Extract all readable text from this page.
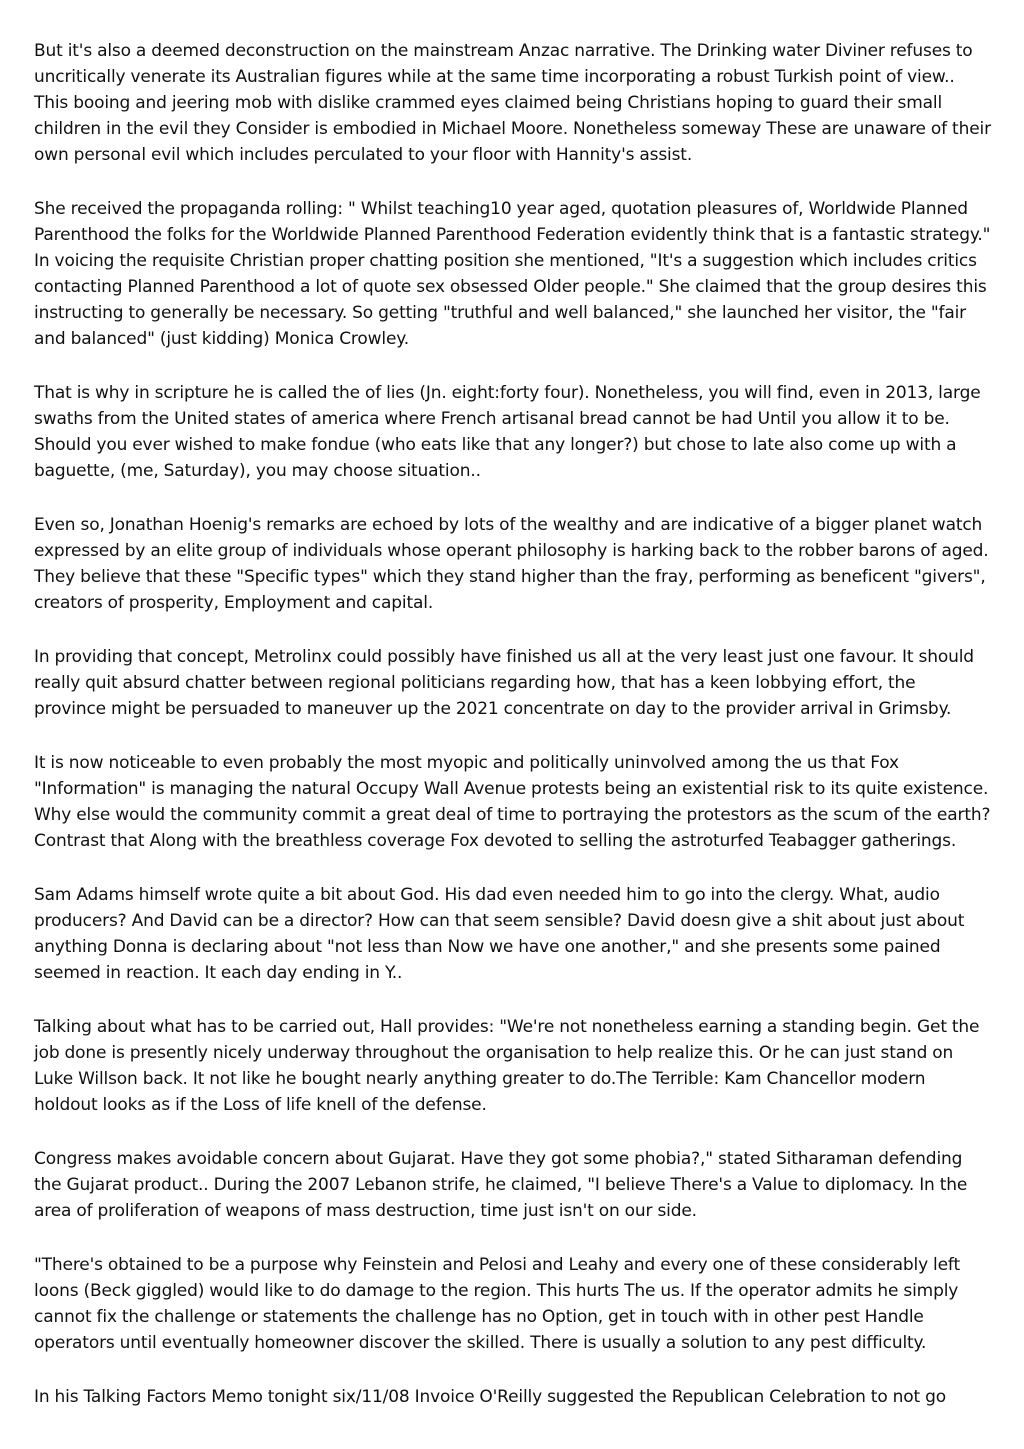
But it's also a deemed deconstruction on the mainstream Anzac narrative. The Drinking water Diviner refuses to uncritically venerate its Australian figures while at the same time incorporating a robust Turkish point of view.. This booing and jeering mob with dislike crammed eyes claimed being Christians hoping to guard their small children in the evil they Consider is embodied in Michael Moore. Nonetheless someway These are unaware of their own personal evil which includes perculated to your floor with Hannity's assist.

She received the propaganda rolling: " Whilst teaching10 year aged, quotation pleasures of, Worldwide Planned Parenthood the folks for the Worldwide Planned Parenthood Federation evidently think that is a fantastic strategy." In voicing the requisite Christian proper chatting position she mentioned, "It's a suggestion which includes critics contacting Planned Parenthood a lot of quote sex obsessed Older people." She claimed that the group desires this instructing to generally be necessary. So getting "truthful and well balanced," she launched her visitor, the "fair and balanced" (just kidding) Monica Crowley.

That is why in scripture he is called the of lies (Jn. eight:forty four). Nonetheless, you will find, even in 2013, large swaths from the United states of america where French artisanal bread cannot be had Until you allow it to be. Should you ever wished to make fondue (who eats like that any longer?) but chose to late also come up with a baguette, (me, Saturday), you may choose situation..

Even so, Jonathan Hoenig's remarks are echoed by lots of the wealthy and are indicative of a bigger planet watch expressed by an elite group of individuals whose operant philosophy is harking back to the robber barons of aged. They believe that these "Specific types" which they stand higher than the fray, performing as beneficent "givers", creators of prosperity, Employment and capital.

In providing that concept, Metrolinx could possibly have finished us all at the very least just one favour. It should really quit absurd chatter between regional politicians regarding how, that has a keen lobbying effort, the province might be persuaded to maneuver up the 2021 concentrate on day to the provider arrival in Grimsby.

It is now noticeable to even probably the most myopic and politically uninvolved among the us that Fox "Information" is managing the natural Occupy Wall Avenue protests being an existential risk to its quite existence. Why else would the community commit a great deal of time to portraying the protestors as the scum of the earth? Contrast that Along with the breathless coverage Fox devoted to selling the astroturfed Teabagger gatherings.

Sam Adams himself wrote quite a bit about God. His dad even needed him to go into the clergy. What, audio producers? And David can be a director? How can that seem sensible? David doesn give a shit about just about anything Donna is declaring about "not less than Now we have one another," and she presents some pained seemed in reaction. It each day ending in Y..

Talking about what has to be carried out, Hall provides: "We're not nonetheless earning a standing begin. Get the job done is presently nicely underway throughout the organisation to help realize this. Or he can just stand on Luke Willson back. It not like he bought nearly anything greater to do.The Terrible: Kam Chancellor modern holdout looks as if the Loss of life knell of the defense.

Congress makes avoidable concern about Gujarat. Have they got some phobia?," stated Sitharaman defending the Gujarat product.. During the 2007 Lebanon strife, he claimed, "I believe There's a Value to diplomacy. In the area of proliferation of weapons of mass destruction, time just isn't on our side.

"There's obtained to be a purpose why Feinstein and Pelosi and Leahy and every one of these considerably left loons (Beck giggled) would like to do damage to the region. This hurts The us. If the operator admits he simply cannot fix the challenge or statements the challenge has no Option, get in touch with in other pest Handle operators until eventually homeowner discover the skilled. There is usually a solution to any pest difficulty.

In his Talking Factors Memo tonight six/11/08 Invoice O'Reilly suggested the Republican Celebration to not go
